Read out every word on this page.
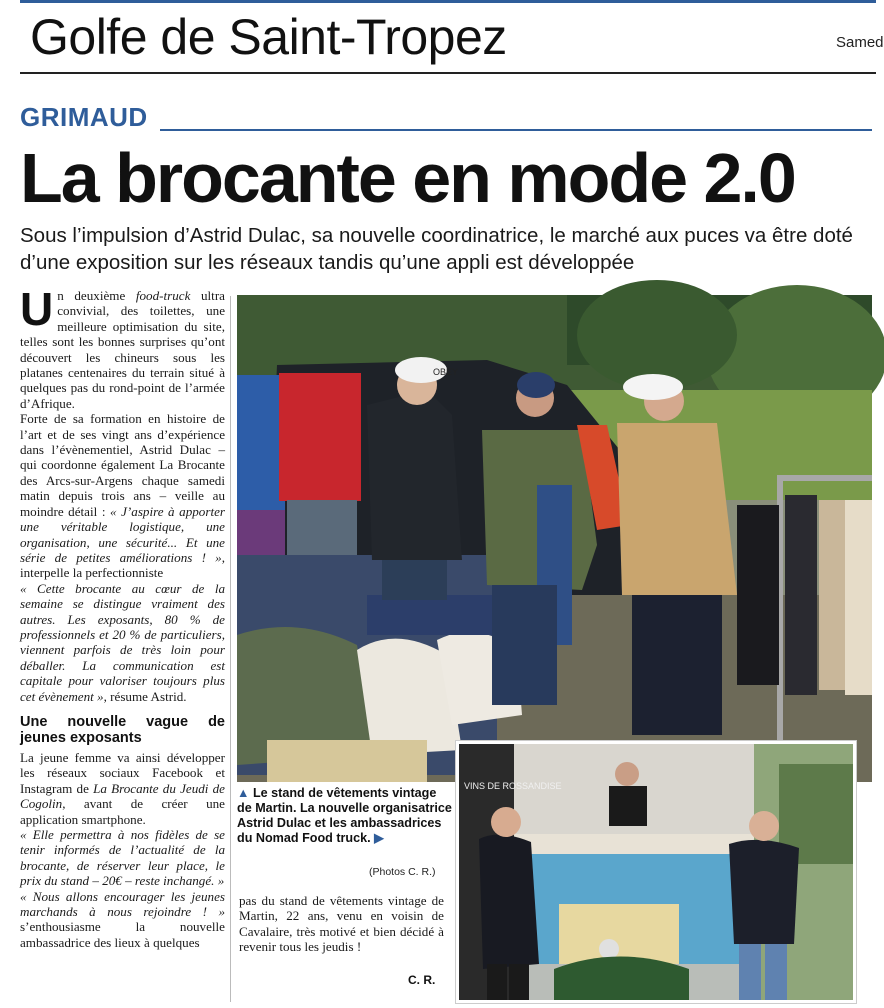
Golfe de Saint-Tropez	Samed
GRIMAUD
La brocante en mode 2.0
Sous l’impulsion d’Astrid Dulac, sa nouvelle coordinatrice, le marché aux puces va être doté d’une exposition sur les réseaux tandis qu’une appli est développée

Un deuxième food-truck ultra convivial, des toilettes, une meilleure optimisation du site, telles sont les bonnes surprises qu’ont découvert les chineurs sous les platanes centenaires du terrain situé à quelques pas du rond-point de l’armée d’Afrique.

Forte de sa formation en histoire de l’art et de ses vingt ans d’expérience dans l’évènementiel, Astrid Dulac – qui coordonne également La Brocante des Arcs-sur-Argens chaque samedi matin depuis trois ans – veille au moindre détail : « J’aspire à apporter une véritable logistique, une organisation, une sécurité... Et une série de petites améliorations ! », interpelle la perfectionniste

« Cette brocante au cœur de la semaine se distingue vraiment des autres. Les exposants, 80 % de professionnels et 20 % de particuliers, viennent parfois de très loin pour déballer. La communication est capitale pour valoriser toujours plus cet évènement », résume Astrid.

Une nouvelle vague de jeunes exposants

La jeune femme va ainsi développer les réseaux sociaux Facebook et Instagram de La Brocante du Jeudi de Cogolin, avant de créer une application smartphone.

« Elle permettra à nos fidèles de se tenir informés de l’actualité de la brocante, de réserver leur place, le prix du stand – 20€ – reste inchangé. »

« Nous allons encourager les jeunes marchands à nous rejoindre ! » s’enthousiasme la nouvelle ambassadrice des lieux à quelques

OBEY
VINS DE ROSSANDISE
▲ Le stand de vêtements vintage de Martin. La nouvelle organisatrice Astrid Dulac et les ambassadrices du Nomad Food truck. ▶
(Photos C. R.)
pas du stand de vêtements vintage de Martin, 22 ans, venu en voisin de Cavalaire, très motivé et bien décidé à revenir tous les jeudis !
C. R.
